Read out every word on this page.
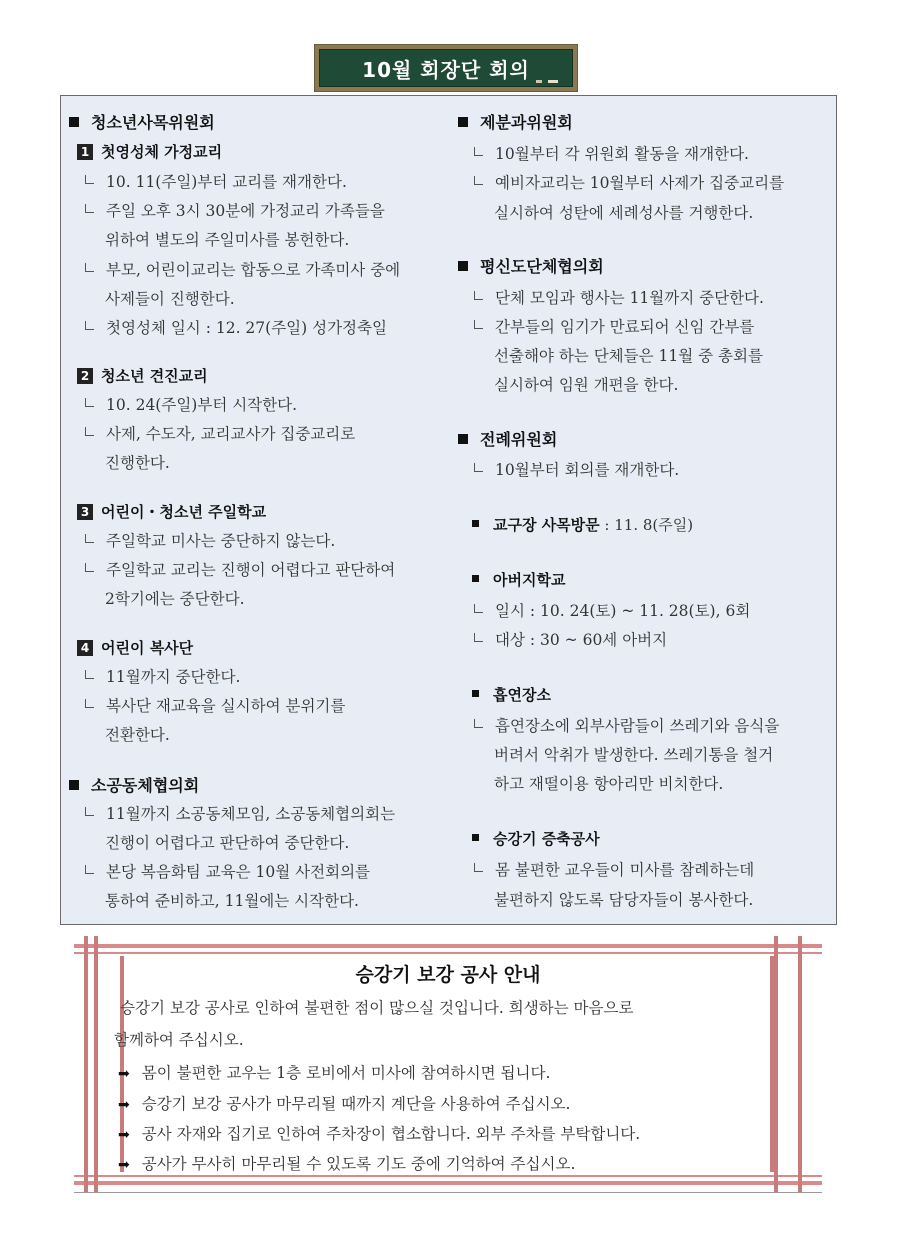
10월 회장단 회의
청소년사목위원회
1 첫영성체 가정교리
10. 11(주일)부터 교리를 재개한다.
주일 오후 3시 30분에 가정교리 가족들을
위하여 별도의 주일미사를 봉헌한다.
부모, 어린이교리는 합동으로 가족미사 중에
사제들이 진행한다.
첫영성체 일시 : 12. 27(주일) 성가정축일
2 청소년 견진교리
10. 24(주일)부터 시작한다.
사제, 수도자, 교리교사가 집중교리로
진행한다.
3 어린이・청소년 주일학교
주일학교 미사는 중단하지 않는다.
주일학교 교리는 진행이 어렵다고 판단하여
2학기에는 중단한다.
4 어린이 복사단
11월까지 중단한다.
복사단 재교육을 실시하여 분위기를
전환한다.
소공동체협의회
11월까지 소공동체모임, 소공동체협의회는
진행이 어렵다고 판단하여 중단한다.
본당 복음화팀 교육은 10월 사전회의를
통하여 준비하고, 11월에는 시작한다.
제분과위원회
10월부터 각 위원회 활동을 재개한다.
예비자교리는 10월부터 사제가 집중교리를
실시하여 성탄에 세례성사를 거행한다.
평신도단체협의회
단체 모임과 행사는 11월까지 중단한다.
간부들의 임기가 만료되어 신임 간부를
선출해야 하는 단체들은 11월 중 총회를
실시하여 임원 개편을 한다.
전례위원회
10월부터 회의를 재개한다.
교구장 사목방문 : 11. 8(주일)
아버지학교
일시 : 10. 24(토) ~ 11. 28(토), 6회
대상 : 30 ~ 60세 아버지
흡연장소
흡연장소에 외부사람들이 쓰레기와 음식을
버려서 악취가 발생한다. 쓰레기통을 철거
하고 재떨이용 항아리만 비치한다.
승강기 증축공사
몸 불편한 교우들이 미사를 참례하는데
불편하지 않도록 담당자들이 봉사한다.
승강기 보강 공사 안내
승강기 보강 공사로 인하여 불편한 점이 많으실 것입니다. 희생하는 마음으로
함께하여 주십시오.
➡ 몸이 불편한 교우는 1층 로비에서 미사에 참여하시면 됩니다.
➡ 승강기 보강 공사가 마무리될 때까지 계단을 사용하여 주십시오.
➡ 공사 자재와 집기로 인하여 주차장이 협소합니다. 외부 주차를 부탁합니다.
➡ 공사가 무사히 마무리될 수 있도록 기도 중에 기억하여 주십시오.
